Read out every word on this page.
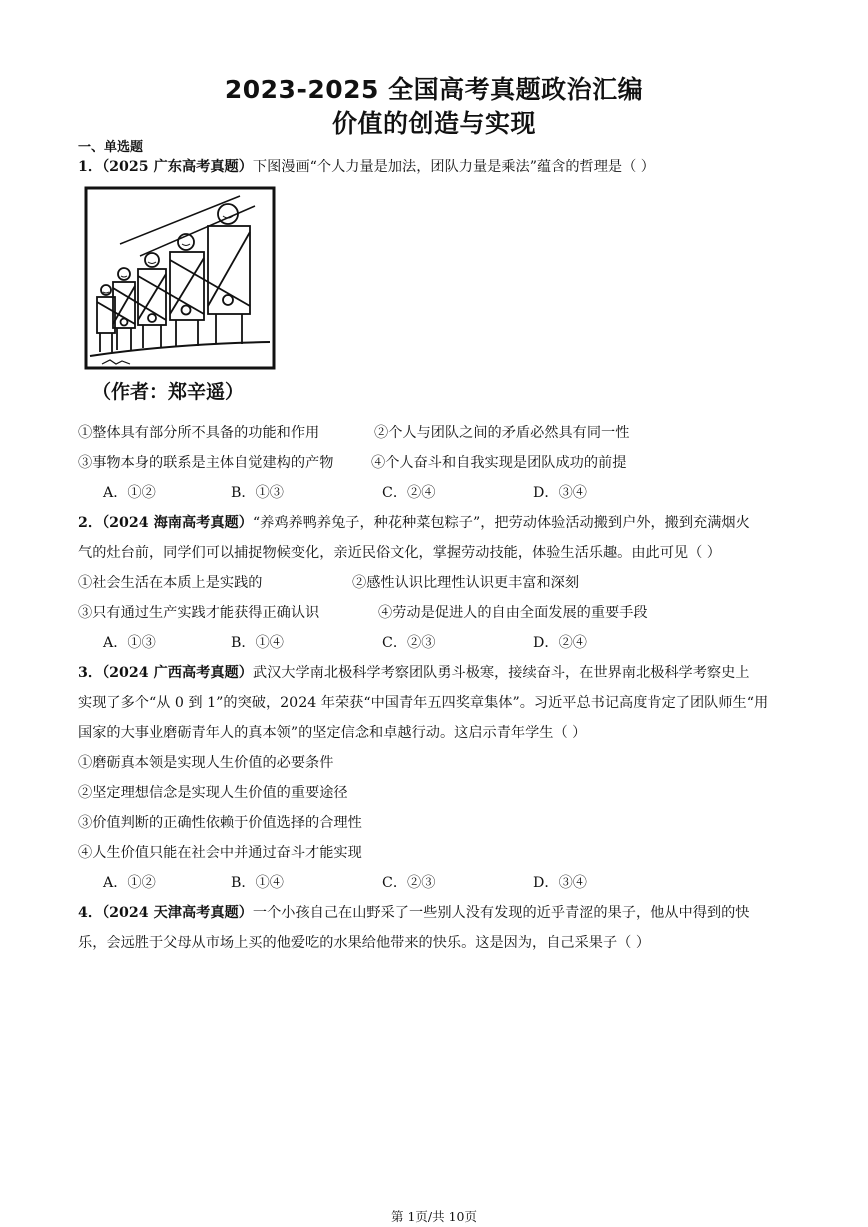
2023-2025 全国高考真题政治汇编
价值的创造与实现
一、单选题
1．（2025 广东高考真题）下图漫画“个人力量是加法，团队力量是乘法”蕴含的哲理是（ ）
（作者：郑辛遥）
①整体具有部分所不具备的功能和作用	②个人与团队之间的矛盾必然具有同一性
③事物本身的联系是主体自觉建构的产物	④个人奋斗和自我实现是团队成功的前提
A．①②	B．①③	C．②④	D．③④
2．（2024 海南高考真题）“养鸡养鸭养兔子，种花种菜包粽子”，把劳动体验活动搬到户外，搬到充满烟火
气的灶台前，同学们可以捕捉物候变化，亲近民俗文化，掌握劳动技能，体验生活乐趣。由此可见（ ）
①社会生活在本质上是实践的	②感性认识比理性认识更丰富和深刻
③只有通过生产实践才能获得正确认识	④劳动是促进人的自由全面发展的重要手段
A．①③	B．①④	C．②③	D．②④
3．（2024 广西高考真题）武汉大学南北极科学考察团队勇斗极寒，接续奋斗，在世界南北极科学考察史上
实现了多个“从 0 到 1”的突破，2024 年荣获“中国青年五四奖章集体”。习近平总书记高度肯定了团队师生“用
国家的大事业磨砺青年人的真本领”的坚定信念和卓越行动。这启示青年学生（ ）
①磨砺真本领是实现人生价值的必要条件
②坚定理想信念是实现人生价值的重要途径
③价值判断的正确性依赖于价值选择的合理性
④人生价值只能在社会中并通过奋斗才能实现
A．①②	B．①④	C．②③	D．③④
4．（2024 天津高考真题）一个小孩自己在山野采了一些别人没有发现的近乎青涩的果子，他从中得到的快
乐，会远胜于父母从市场上买的他爱吃的水果给他带来的快乐。这是因为，自己采果子（ ）
第 1页/共 10页
